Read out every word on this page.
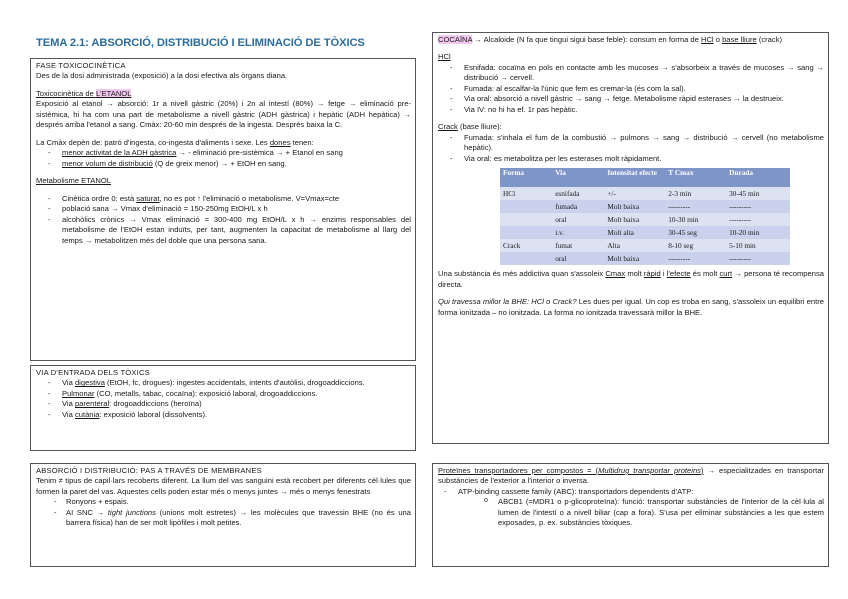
TEMA 2.1: ABSORCIÓ, DISTRIBUCIÓ I ELIMINACIÓ DE TÒXICS
FASE TOXICOCINÈTICA

Des de la dosi administrada (exposició) a la dosi efectiva als òrgans diana.

Toxicocinètica de L'ETANOL

Exposició al etanol → absorció: 1r a nivell gàstric (20%) i 2n al intestí (80%) → fetge → eliminació pre-sistèmica, hi ha com una part de metabolisme a nivell gàstric (ADH gàstrica) i hepàtic (ADH hepàtica) → després arriba l'etanol a sang. Cmàx: 20-60 min després de la ingesta. Després baixa la C.

La Cmàx depèn de: patró d'ingesta, co-ingesta d'aliments i sexe. Les dones tenen:

- menor activitat de la ADH gàstrica → - eliminació pre-sistèmica → + Etanol en sang
- menor volum de distribució (Q de greix menor) → + EtOH en sang.
Metabolisme ETANOL
- Cinètica ordre 0: està saturat, no es pot ↑ l'eliminació o metabolisme. V=Vmax=cte
- població sana → Vmax d'eliminació = 150-250mg EtOH/L x h
- alcohòlics crònics → Vmax eliminació = 300-400 mg EtOH/L x h → enzims responsables del metabolisme de l'EtOH estan induïts, per tant, augmenten la capacitat de metabolisme al llarg del temps → metabolitzen més del doble que una persona sana.
VIA D'ENTRADA DELS TÒXICS
- Via digestiva (EtOH, fc, drogues): ingestes accidentals, intents d'autòlisi, drogoaddiccions.
- Pulmonar (CO, metalls, tabac, cocaïna): exposició laboral, drogoaddiccions.
- Via parenteral: drogoaddiccions (heroïna)
- Via cutània: exposició laboral (dissolvents).

COCAÏNA → Alcaloide (N fa que tingui sigui base feble): consum en forma de HCl o base lliure (crack)

HCl
- Esnifada: cocaïna en pols en contacte amb les mucoses → s'absorbeix a través de mucoses → sang → distribució → cervell.
- Fumada: al escalfar-la l'únic que fem es cremar-la (és com la sal).
- Via oral: absorció a nivell gàstric → sang → fetge. Metabolisme ràpid esterases → la destrueix.
- Via IV: no hi ha ef. 1r pas hepàtic.
Crack (base lliure):
- Fumada: s'inhala el fum de la combustió → pulmons → sang → distribució → cervell (no metabolisme hepàtic).
- Via oral: es metabolitza per les esterases molt ràpidament.
Forma	Via	Intensitat efecte	T Cmax	Durada
HCl	esnifada	+/-	2-3 min	30-45 min
	fumada	Molt baixa	---------	---------
	oral	Molt baixa	10-30 min	---------
	i.v.	Molt alta	30-45 seg	10-20 min
Crack	fumat	Alta	8-10 seg	5-10 min
	oral	Molt baixa	---------	---------

Una substància és més addictiva quan s'assoleix Cmax molt ràpid i l'efecte és molt curt → persona té recompensa directa.

Qui travessa millor la BHE: HCl o Crack? Les dues per igual. Un cop es troba en sang, s'assoleix un equilibri entre forma ionitzada – no ionitzada. La forma no ionitzada travessarà millor la BHE.

ABSORCIÓ I DISTRIBUCIÓ: PAS A TRAVÉS DE MEMBRANES

Tenim ≠ tipus de capil·lars recoberts diferent. La llum del vas sanguini està recobert per diferents cèl·lules que formen la paret del vas. Aquestes cells poden estar més o menys juntes → més o menys fenestrats

- Ronyons + espais.
- AI SNC → tight junctions (unions molt estretes) → les molècules que travessin BHE (no és una barrera física) han de ser molt lipòfiles i molt petites.

Proteïnes transportadores per compostos = (Multidrug transportar proteins) → especialitzades en transportar substàncies de l'exterior a l'interior o inversa.

- ATP-binding cassette family (ABC): transportadors dependents d'ATP:
o ABCB1 (=MDR1 o p-glicoproteïna): funció: transportar substàncies de l'interior de la cèl·lula al lumen de l'intestí o a nivell biliar (cap a fora). S'usa per eliminar substàncies a les que estem exposades, p. ex. substàncies tòxiques.
